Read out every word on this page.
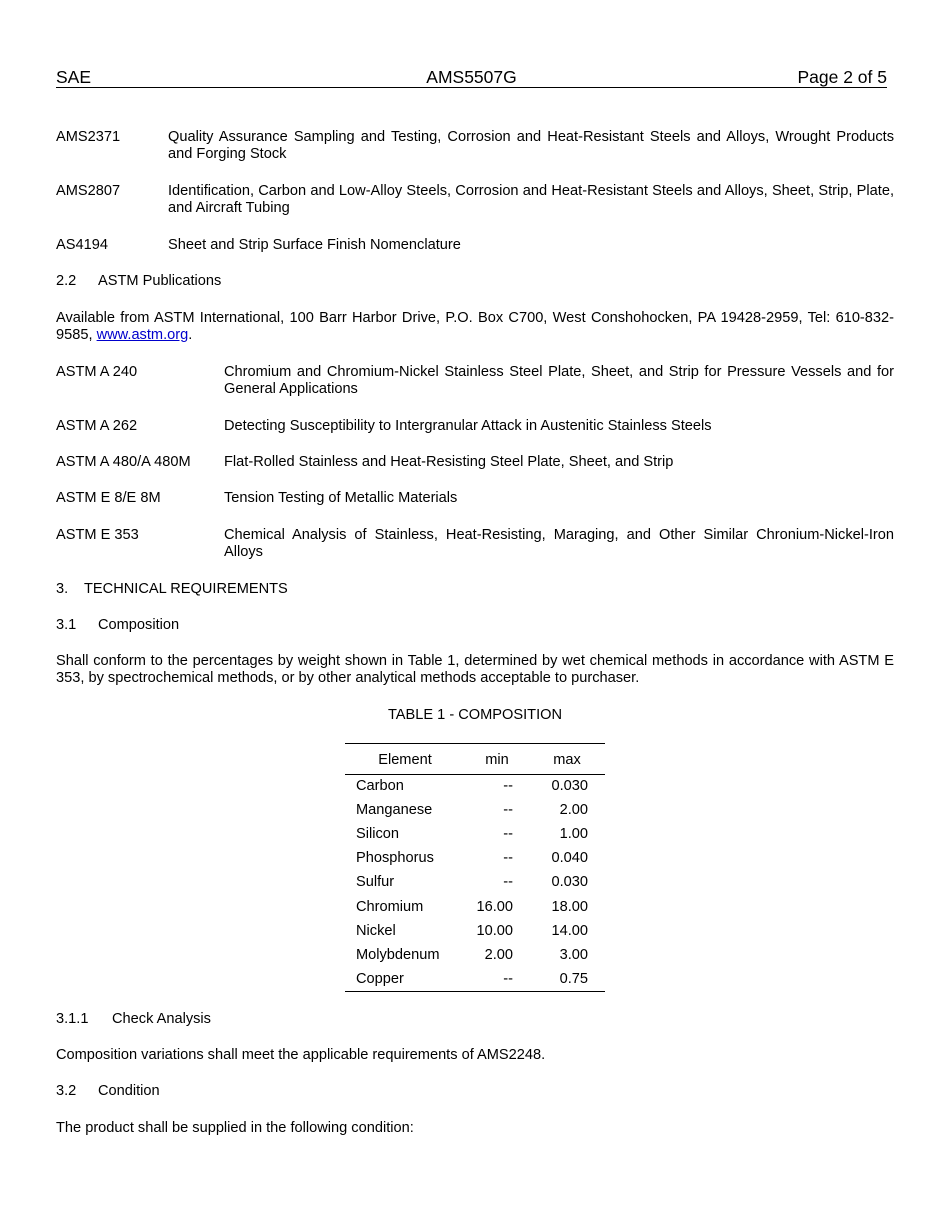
SAE	AMS5507G	Page 2 of 5
AMS2371	Quality Assurance Sampling and Testing, Corrosion and Heat-Resistant Steels and Alloys, Wrought Products and Forging Stock
AMS2807	Identification, Carbon and Low-Alloy Steels, Corrosion and Heat-Resistant Steels and Alloys, Sheet, Strip, Plate, and Aircraft Tubing
AS4194	Sheet and Strip Surface Finish Nomenclature
2.2 ASTM Publications
Available from ASTM International, 100 Barr Harbor Drive, P.O. Box C700, West Conshohocken, PA 19428-2959, Tel: 610-832-9585, www.astm.org.
ASTM A 240	Chromium and Chromium-Nickel Stainless Steel Plate, Sheet, and Strip for Pressure Vessels and for General Applications
ASTM A 262	Detecting Susceptibility to Intergranular Attack in Austenitic Stainless Steels
ASTM A 480/A 480M Flat-Rolled Stainless and Heat-Resisting Steel Plate, Sheet, and Strip
ASTM E 8/E 8M	Tension Testing of Metallic Materials
ASTM E 353	Chemical Analysis of Stainless, Heat-Resisting, Maraging, and Other Similar Chronium-Nickel-Iron Alloys
3. TECHNICAL REQUIREMENTS
3.1 Composition
Shall conform to the percentages by weight shown in Table 1, determined by wet chemical methods in accordance with ASTM E 353, by spectrochemical methods, or by other analytical methods acceptable to purchaser.
TABLE 1 - COMPOSITION
Element	min	max
Carbon	--	0.030
Manganese	--	2.00
Silicon	--	1.00
Phosphorus	--	0.040
Sulfur	--	0.030
Chromium	16.00	18.00
Nickel	10.00	14.00
Molybdenum	2.00	3.00
Copper	--	0.75
3.1.1 Check Analysis
Composition variations shall meet the applicable requirements of AMS2248.
3.2 Condition
The product shall be supplied in the following condition:
